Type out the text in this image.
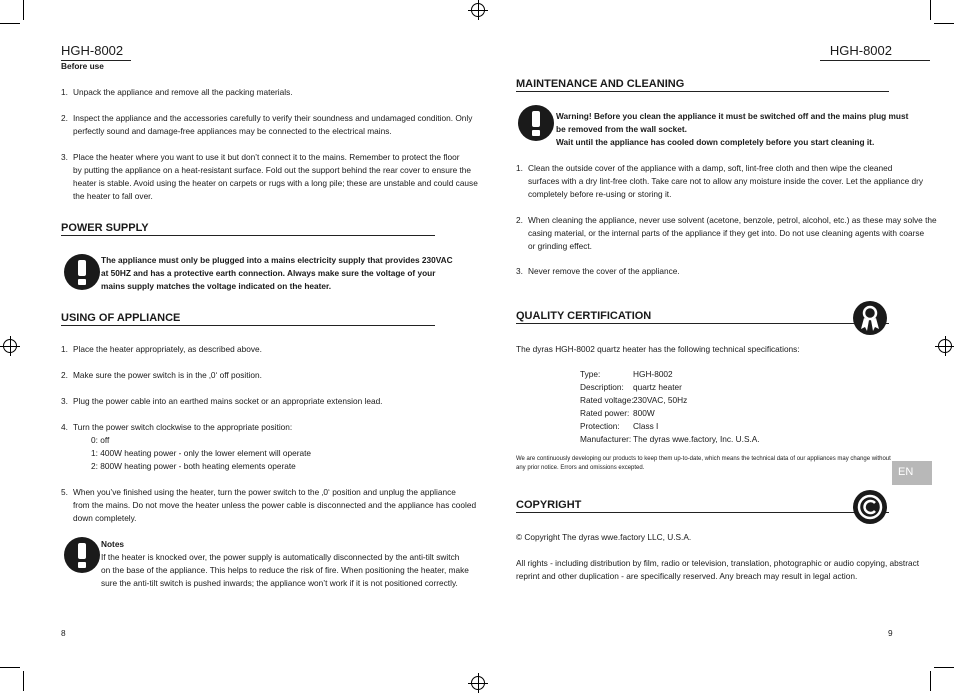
HGH-8002
Before use
1. Unpack the appliance and remove all the packing materials.
2. Inspect the appliance and the accessories carefully to verify their soundness and undamaged condition. Only
perfectly sound and damage-free appliances may be connected to the electrical mains.
3. Place the heater where you want to use it but don’t connect it to the mains. Remember to protect the floor
by putting the appliance on a heat-resistant surface. Fold out the support behind the rear cover to ensure the
heater is stable. Avoid using the heater on carpets or rugs with a long pile; these are unstable and could cause
the heater to fall over.
POWER SUPPLY
The appliance must only be plugged into a mains electricity supply that provides 230VAC
at 50HZ and has a protective earth connection. Always make sure the voltage of your
mains supply matches the voltage indicated on the heater.
USING OF APPLIANCE
1. Place the heater appropriately, as described above.
2. Make sure the power switch is in the ‚0‘ off position.
3. Plug the power cable into an earthed mains socket or an appropriate extension lead.
4. Turn the power switch clockwise to the appropriate position:
0: off
1: 400W heating power - only the lower element will operate
2: 800W heating power - both heating elements operate
5. When you’ve finished using the heater, turn the power switch to the ‚0‘ position and unplug the appliance
from the mains. Do not move the heater unless the power cable is disconnected and the appliance has cooled
down completely.
Notes
If the heater is knocked over, the power supply is automatically disconnected by the anti-tilt switch
on the base of the appliance. This helps to reduce the risk of fire. When positioning the heater, make
sure the anti-tilt switch is pushed inwards; the appliance won’t work if it is not positioned correctly.
8
HGH-8002
MAINTENANCE AND CLEANING
Warning! Before you clean the appliance it must be switched off and the mains plug must
be removed from the wall socket.
Wait until the appliance has cooled down completely before you start cleaning it.
1. Clean the outside cover of the appliance with a damp, soft, lint-free cloth and then wipe the cleaned
surfaces with a dry lint-free cloth. Take care not to allow any moisture inside the cover. Let the appliance dry
completely before re-using or storing it.
2. When cleaning the appliance, never use solvent (acetone, benzole, petrol, alcohol, etc.) as these may solve the
casing material, or the internal parts of the appliance if they get into. Do not use cleaning agents with coarse
or grinding effect.
3. Never remove the cover of the appliance.
QUALITY CERTIFICATION
The dyras HGH-8002 quartz heater has the following technical specifications:
Type:	HGH-8002
Description: quartz heater
Rated voltage: 230VAC, 50Hz
Rated power: 800W
Protection: Class I
Manufacturer: The dyras wwe.factory, Inc. U.S.A.
We are continuously developing our products to keep them up-to-date, which means the technical data of our appliances may change without
any prior notice. Errors and omissions excepted.	EN
COPYRIGHT
© Copyright The dyras wwe.factory LLC, U.S.A.
All rights - including distribution by film, radio or television, translation, photographic or audio copying, abstract
reprint and other duplication - are specifically reserved. Any breach may result in legal action.
9
